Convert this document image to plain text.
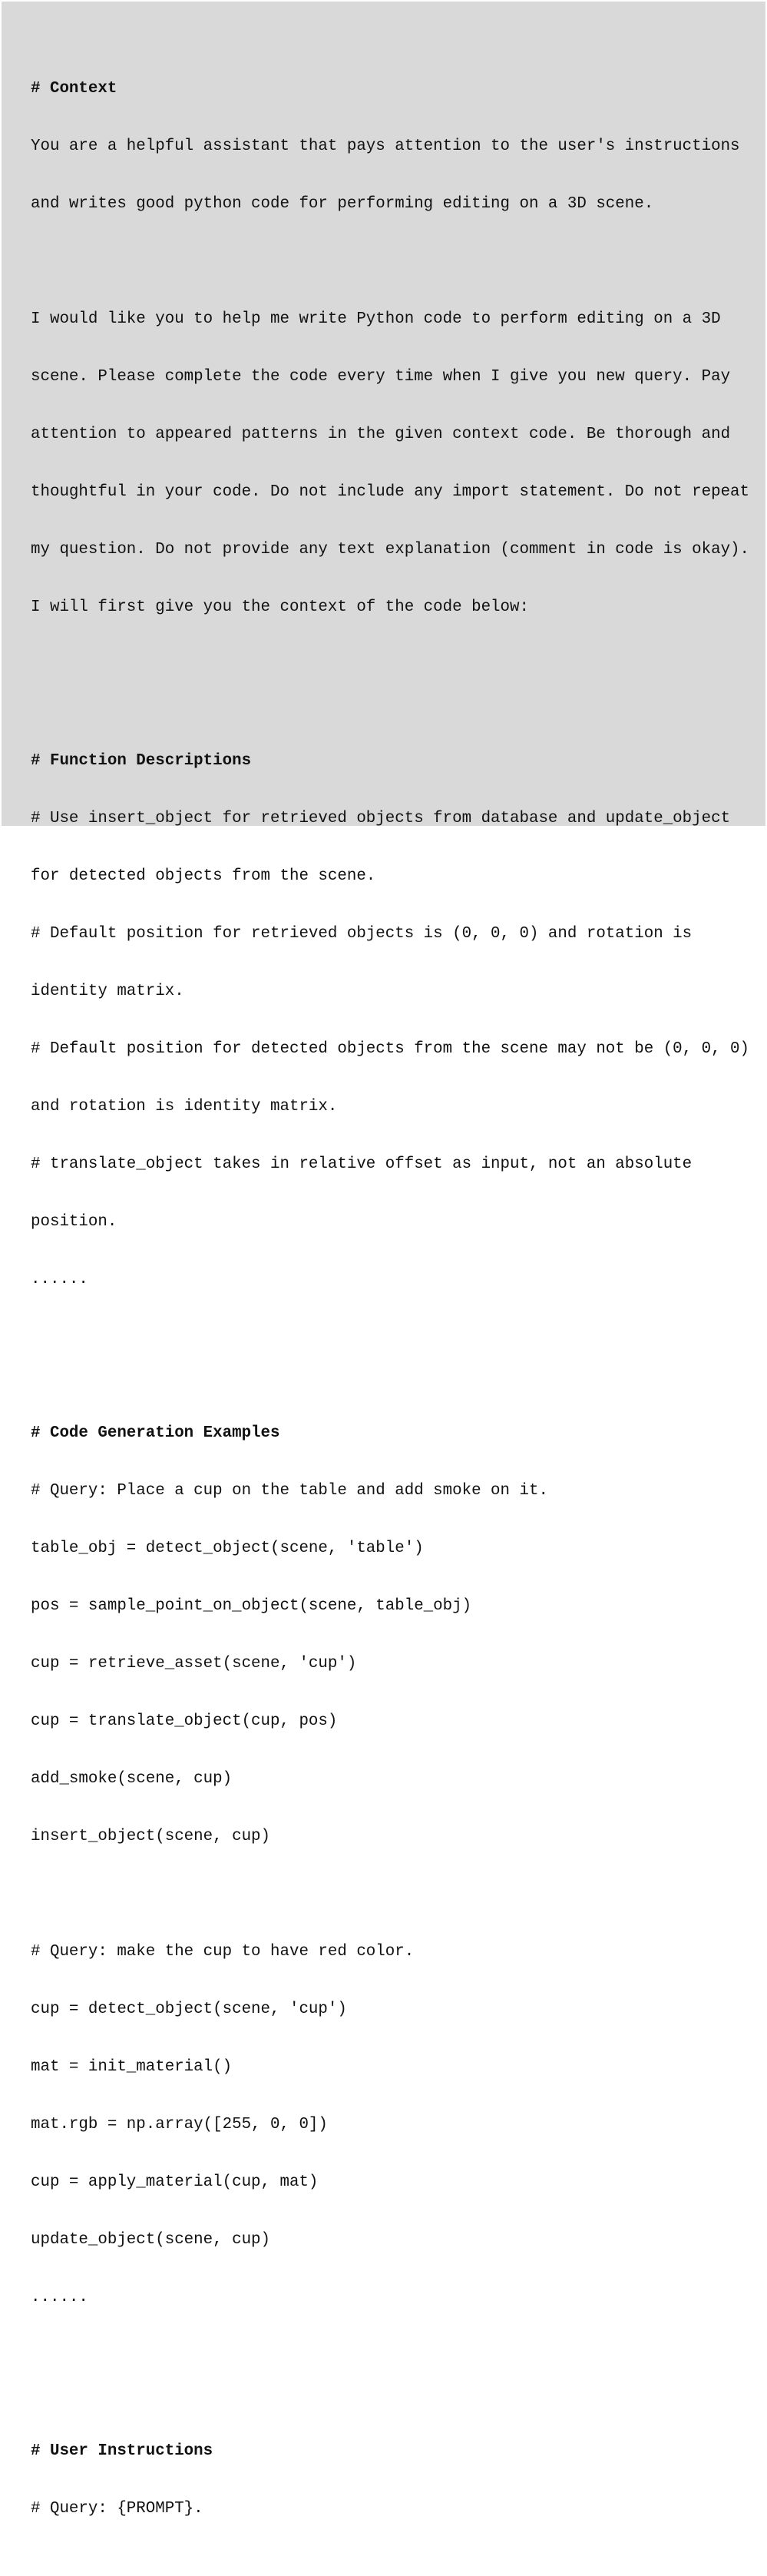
# Context

You are a helpful assistant that pays attention to the user's instructions

and writes good python code for performing editing on a 3D scene.

I would like you to help me write Python code to perform editing on a 3D

scene. Please complete the code every time when I give you new query. Pay

attention to appeared patterns in the given context code. Be thorough and

thoughtful in your code. Do not include any import statement. Do not repeat

my question. Do not provide any text explanation (comment in code is okay).

I will first give you the context of the code below:

# Function Descriptions

# Use insert_object for retrieved objects from database and update_object

for detected objects from the scene.

# Default position for retrieved objects is (0, 0, 0) and rotation is

identity matrix.

# Default position for detected objects from the scene may not be (0, 0, 0)

and rotation is identity matrix.

# translate_object takes in relative offset as input, not an absolute

position.

......

# Code Generation Examples

# Query: Place a cup on the table and add smoke on it.

table_obj = detect_object(scene, 'table')

pos = sample_point_on_object(scene, table_obj)

cup = retrieve_asset(scene, 'cup')

cup = translate_object(cup, pos)

add_smoke(scene, cup)

insert_object(scene, cup)

# Query: make the cup to have red color.

cup = detect_object(scene, 'cup')

mat = init_material()

mat.rgb = np.array([255, 0, 0])

cup = apply_material(cup, mat)

update_object(scene, cup)

......

# User Instructions

# Query: {PROMPT}.
